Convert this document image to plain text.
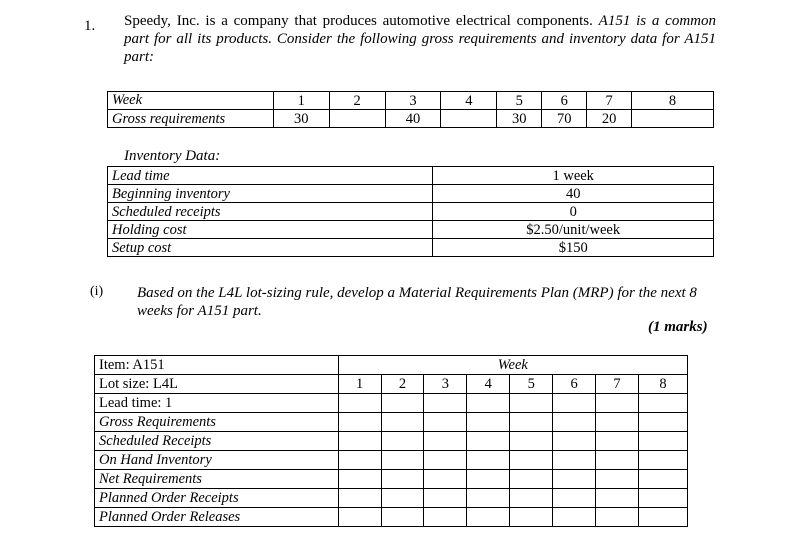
1. Speedy, Inc. is a company that produces automotive electrical components. A151 is a common part for all its products. Consider the following gross requirements and inventory data for A151 part:
Week	1	2	3	4	5	6	7	8
Gross requirements	30		40		30	70	20	
Inventory Data:
Lead time	1 week
Beginning inventory	40
Scheduled receipts	0
Holding cost	$2.50/unit/week
Setup cost	$150
(i) Based on the L4L lot-sizing rule, develop a Material Requirements Plan (MRP) for the next 8 weeks for A151 part.
(1 marks)
Item: A151	Week							
Lot size: L4L	1	2	3	4	5	6	7	8
Lead time: 1								
Gross Requirements								
Scheduled Receipts								
On Hand Inventory								
Net Requirements								
Planned Order Receipts								
Planned Order Releases								
